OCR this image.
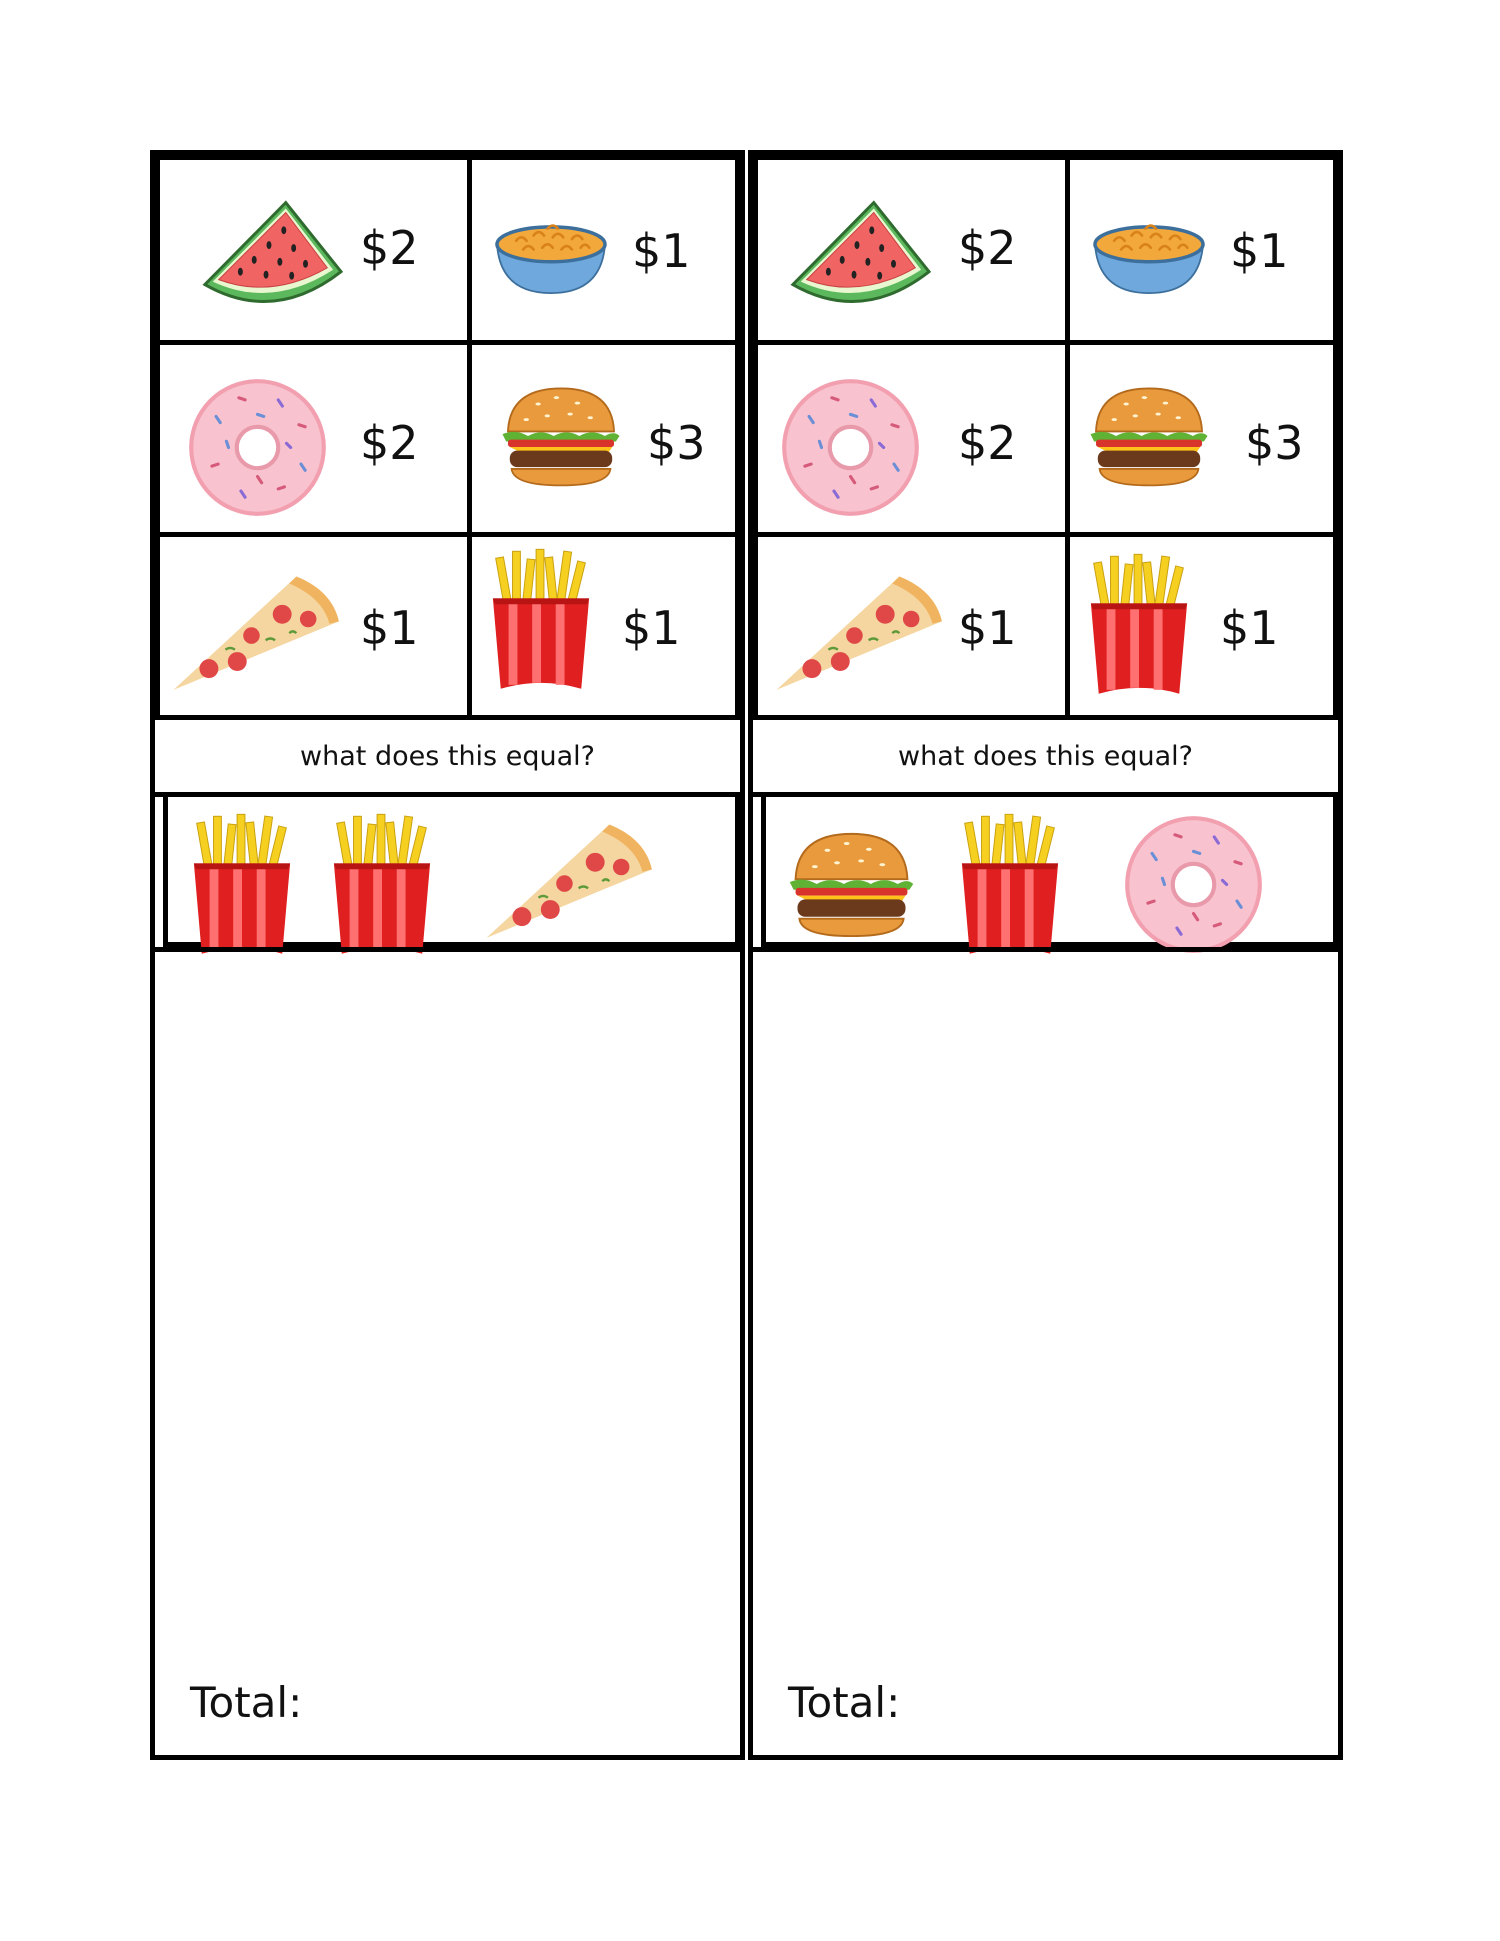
$2	$1
$2	$3
$1	$1
what does this equal?
Total:
$2	$1
$2	$3
$1	$1
what does this equal?
Total:
